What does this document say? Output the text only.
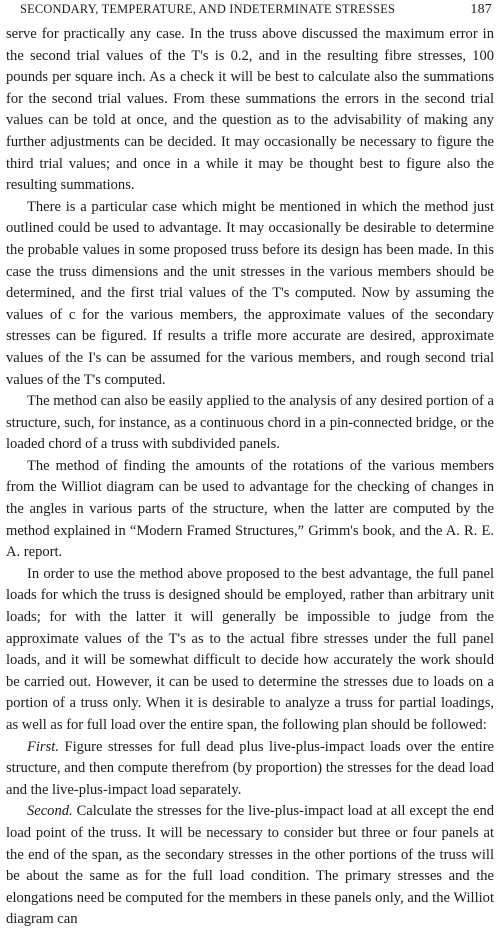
SECONDARY, TEMPERATURE, AND INDETERMINATE STRESSES	187

serve for practically any case. In the truss above discussed the maximum error in the second trial values of the T's is 0.2, and in the resulting fibre stresses, 100 pounds per square inch. As a check it will be best to calculate also the summations for the second trial values. From these summations the errors in the second trial values can be told at once, and the question as to the advisability of making any further adjustments can be decided. It may occasionally be necessary to figure the third trial values; and once in a while it may be thought best to figure also the resulting summations.

There is a particular case which might be mentioned in which the method just outlined could be used to advantage. It may occasionally be desirable to determine the probable values in some proposed truss before its design has been made. In this case the truss dimensions and the unit stresses in the various members should be determined, and the first trial values of the T's computed. Now by assuming the values of c for the various members, the approximate values of the secondary stresses can be figured. If results a trifle more accurate are desired, approximate values of the I's can be assumed for the various members, and rough second trial values of the T's computed.

The method can also be easily applied to the analysis of any desired portion of a structure, such, for instance, as a continuous chord in a pin-connected bridge, or the loaded chord of a truss with subdivided panels.

The method of finding the amounts of the rotations of the various members from the Williot diagram can be used to advantage for the checking of changes in the angles in various parts of the structure, when the latter are computed by the method explained in “Modern Framed Structures,” Grimm's book, and the A. R. E. A. report.

In order to use the method above proposed to the best advantage, the full panel loads for which the truss is designed should be employed, rather than arbitrary unit loads; for with the latter it will generally be impossible to judge from the approximate values of the T's as to the actual fibre stresses under the full panel loads, and it will be somewhat difficult to decide how accurately the work should be carried out. However, it can be used to determine the stresses due to loads on a portion of a truss only. When it is desirable to analyze a truss for partial loadings, as well as for full load over the entire span, the following plan should be followed:

First. Figure stresses for full dead plus live-plus-impact loads over the entire structure, and then compute therefrom (by proportion) the stresses for the dead load and the live-plus-impact load separately.

Second. Calculate the stresses for the live-plus-impact load at all except the end load point of the truss. It will be necessary to consider but three or four panels at the end of the span, as the secondary stresses in the other portions of the truss will be about the same as for the full load condition. The primary stresses and the elongations need be computed for the members in these panels only, and the Williot diagram can
